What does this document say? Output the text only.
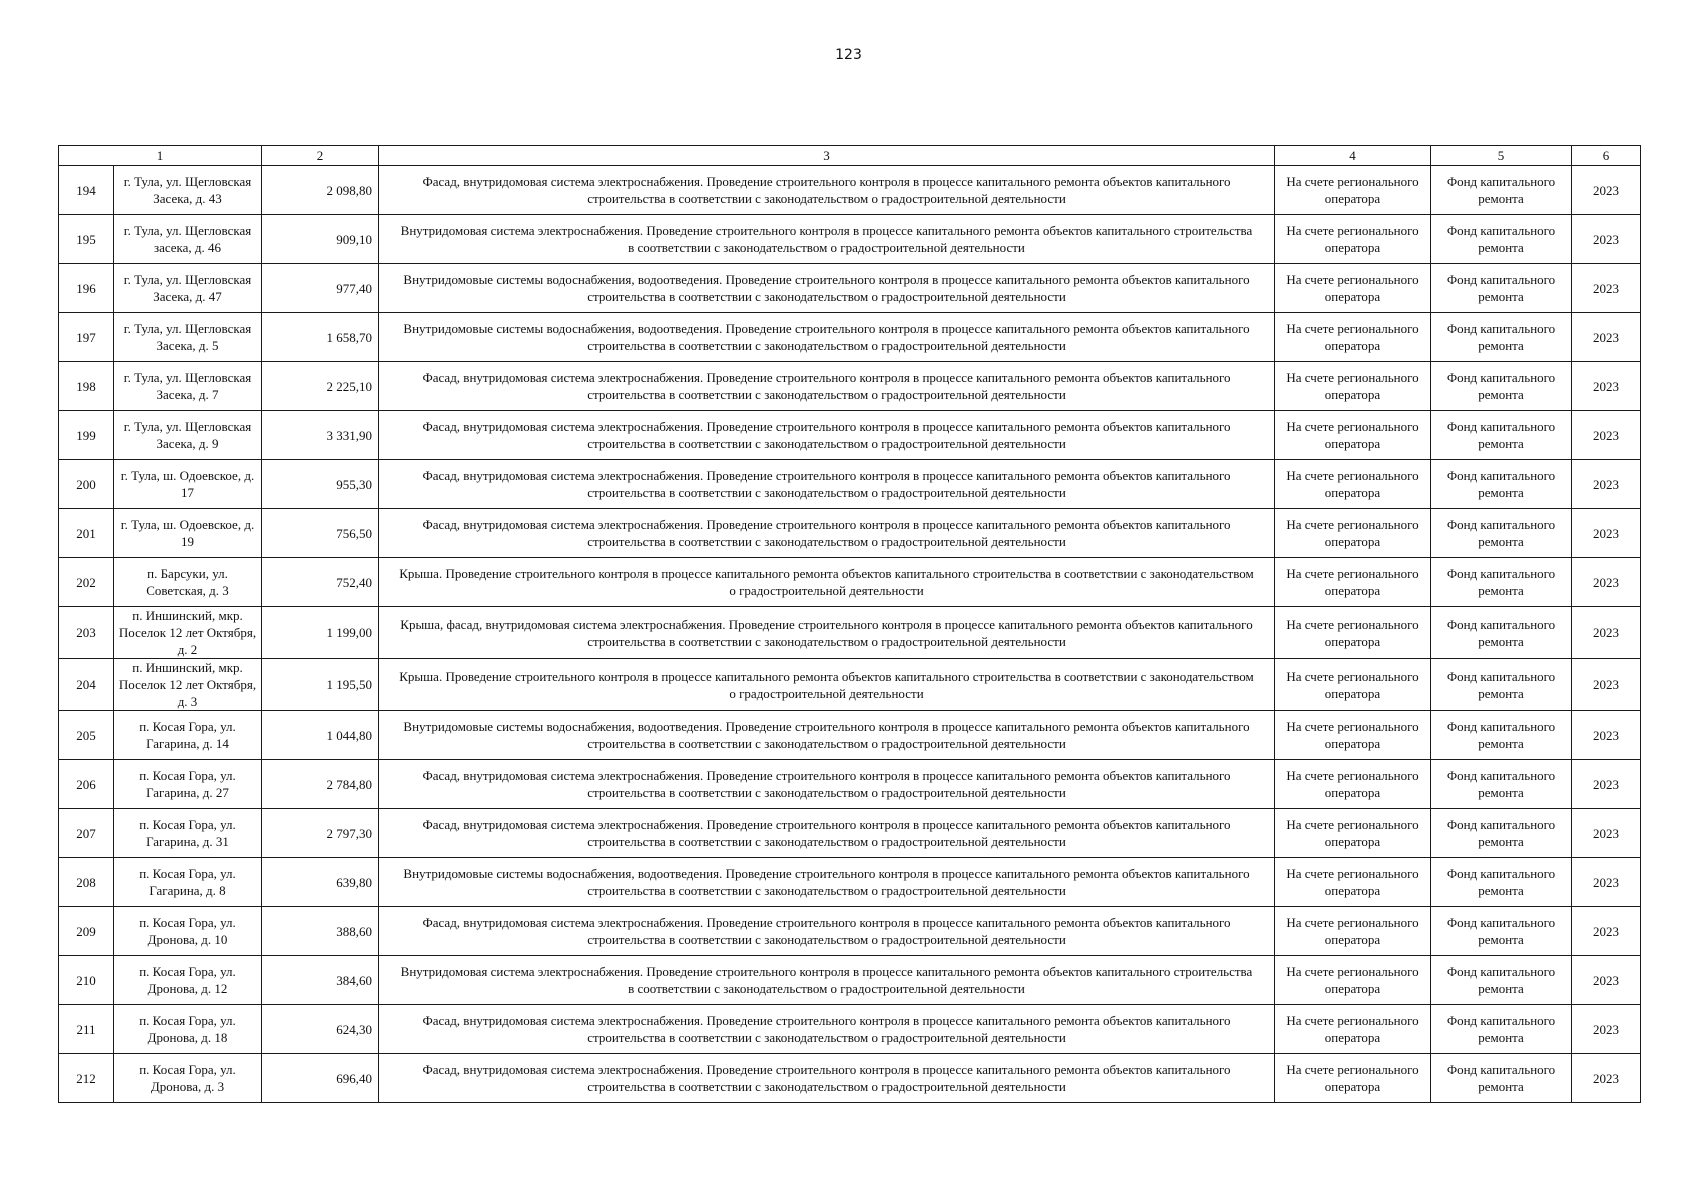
123
1		2	3	4	5	6
194	г. Тула, ул. Щегловская Засека, д. 43	2 098,80	Фасад, внутридомовая система электроснабжения. Проведение строительного контроля в процессе капитального ремонта объектов капитального строительства в соответствии с законодательством о градостроительной деятельности	На счете регионального оператора	Фонд капитального ремонта	2023
195	г. Тула, ул. Щегловская засека, д. 46	909,10	Внутридомовая система электроснабжения. Проведение строительного контроля в процессе капитального ремонта объектов капитального строительства в соответствии с законодательством о градостроительной деятельности	На счете регионального оператора	Фонд капитального ремонта	2023
196	г. Тула, ул. Щегловская Засека, д. 47	977,40	Внутридомовые системы водоснабжения, водоотведения. Проведение строительного контроля в процессе капитального ремонта объектов капитального строительства в соответствии с законодательством о градостроительной деятельности	На счете регионального оператора	Фонд капитального ремонта	2023
197	г. Тула, ул. Щегловская Засека, д. 5	1 658,70	Внутридомовые системы водоснабжения, водоотведения. Проведение строительного контроля в процессе капитального ремонта объектов капитального строительства в соответствии с законодательством о градостроительной деятельности	На счете регионального оператора	Фонд капитального ремонта	2023
198	г. Тула, ул. Щегловская Засека, д. 7	2 225,10	Фасад, внутридомовая система электроснабжения. Проведение строительного контроля в процессе капитального ремонта объектов капитального строительства в соответствии с законодательством о градостроительной деятельности	На счете регионального оператора	Фонд капитального ремонта	2023
199	г. Тула, ул. Щегловская Засека, д. 9	3 331,90	Фасад, внутридомовая система электроснабжения. Проведение строительного контроля в процессе капитального ремонта объектов капитального строительства в соответствии с законодательством о градостроительной деятельности	На счете регионального оператора	Фонд капитального ремонта	2023
200	г. Тула, ш. Одоевское, д. 17	955,30	Фасад, внутридомовая система электроснабжения. Проведение строительного контроля в процессе капитального ремонта объектов капитального строительства в соответствии с законодательством о градостроительной деятельности	На счете регионального оператора	Фонд капитального ремонта	2023
201	г. Тула, ш. Одоевское, д. 19	756,50	Фасад, внутридомовая система электроснабжения. Проведение строительного контроля в процессе капитального ремонта объектов капитального строительства в соответствии с законодательством о градостроительной деятельности	На счете регионального оператора	Фонд капитального ремонта	2023
202	п. Барсуки, ул. Советская, д. 3	752,40	Крыша. Проведение строительного контроля в процессе капитального ремонта объектов капитального строительства в соответствии с законодательством о градостроительной деятельности	На счете регионального оператора	Фонд капитального ремонта	2023
203	п. Иншинский, мкр. Поселок 12 лет Октября, д. 2	1 199,00	Крыша, фасад, внутридомовая система электроснабжения. Проведение строительного контроля в процессе капитального ремонта объектов капитального строительства в соответствии с законодательством о градостроительной деятельности	На счете регионального оператора	Фонд капитального ремонта	2023
204	п. Иншинский, мкр. Поселок 12 лет Октября, д. 3	1 195,50	Крыша. Проведение строительного контроля в процессе капитального ремонта объектов капитального строительства в соответствии с законодательством о градостроительной деятельности	На счете регионального оператора	Фонд капитального ремонта	2023
205	п. Косая Гора, ул. Гагарина, д. 14	1 044,80	Внутридомовые системы водоснабжения, водоотведения. Проведение строительного контроля в процессе капитального ремонта объектов капитального строительства в соответствии с законодательством о градостроительной деятельности	На счете регионального оператора	Фонд капитального ремонта	2023
206	п. Косая Гора, ул. Гагарина, д. 27	2 784,80	Фасад, внутридомовая система электроснабжения. Проведение строительного контроля в процессе капитального ремонта объектов капитального строительства в соответствии с законодательством о градостроительной деятельности	На счете регионального оператора	Фонд капитального ремонта	2023
207	п. Косая Гора, ул. Гагарина, д. 31	2 797,30	Фасад, внутридомовая система электроснабжения. Проведение строительного контроля в процессе капитального ремонта объектов капитального строительства в соответствии с законодательством о градостроительной деятельности	На счете регионального оператора	Фонд капитального ремонта	2023
208	п. Косая Гора, ул. Гагарина, д. 8	639,80	Внутридомовые системы водоснабжения, водоотведения. Проведение строительного контроля в процессе капитального ремонта объектов капитального строительства в соответствии с законодательством о градостроительной деятельности	На счете регионального оператора	Фонд капитального ремонта	2023
209	п. Косая Гора, ул. Дронова, д. 10	388,60	Фасад, внутридомовая система электроснабжения. Проведение строительного контроля в процессе капитального ремонта объектов капитального строительства в соответствии с законодательством о градостроительной деятельности	На счете регионального оператора	Фонд капитального ремонта	2023
210	п. Косая Гора, ул. Дронова, д. 12	384,60	Внутридомовая система электроснабжения. Проведение строительного контроля в процессе капитального ремонта объектов капитального строительства в соответствии с законодательством о градостроительной деятельности	На счете регионального оператора	Фонд капитального ремонта	2023
211	п. Косая Гора, ул. Дронова, д. 18	624,30	Фасад, внутридомовая система электроснабжения. Проведение строительного контроля в процессе капитального ремонта объектов капитального строительства в соответствии с законодательством о градостроительной деятельности	На счете регионального оператора	Фонд капитального ремонта	2023
212	п. Косая Гора, ул. Дронова, д. 3	696,40	Фасад, внутридомовая система электроснабжения. Проведение строительного контроля в процессе капитального ремонта объектов капитального строительства в соответствии с законодательством о градостроительной деятельности	На счете регионального оператора	Фонд капитального ремонта	2023
